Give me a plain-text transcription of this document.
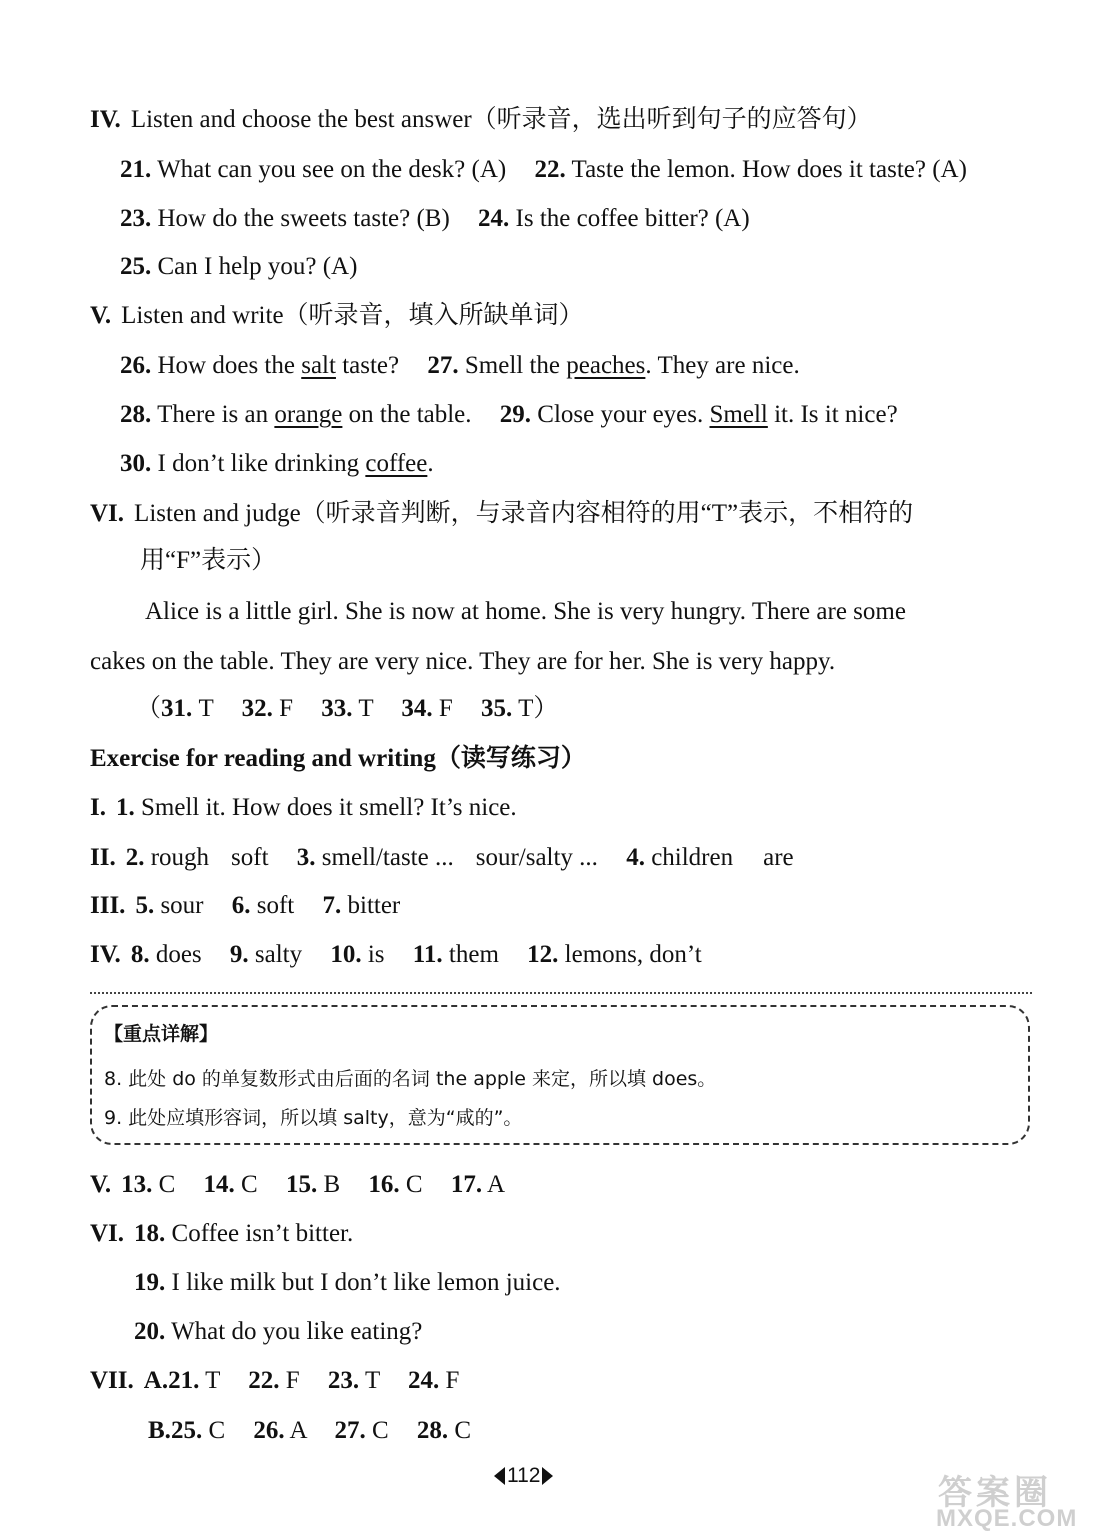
IV. Listen and choose the best answer（听录音，选出听到句子的应答句）
21. What can you see on the desk? (A) 22. Taste the lemon. How does it taste? (A)
23. How do the sweets taste? (B) 24. Is the coffee bitter? (A)
25. Can I help you? (A)
V. Listen and write（听录音，填入所缺单词）
26. How does the salt taste? 27. Smell the peaches. They are nice.
28. There is an orange on the table. 29. Close your eyes. Smell it. Is it nice?
30. I don’t like drinking coffee.
VI. Listen and judge（听录音判断，与录音内容相符的用“T”表示，不相符的
用“F”表示）
Alice is a little girl. She is now at home. She is very hungry. There are some
cakes on the table. They are very nice. They are for her. She is very happy.
（31. T 32. F 33. T 34. F 35. T）
Exercise for reading and writing（读写练习）
I. 1. Smell it. How does it smell? It’s nice.
II. 2. rough soft 3. smell/taste ... sour/salty ... 4. children are
III. 5. sour 6. soft 7. bitter
IV. 8. does 9. salty 10. is 11. them 12. lemons, don’t
【重点详解】
8. 此处 do 的单复数形式由后面的名词 the apple 来定，所以填 does。
9. 此处应填形容词，所以填 salty，意为“咸的”。
V. 13. C 14. C 15. B 16. C 17. A
VI. 18. Coffee isn’t bitter.
19. I like milk but I don’t like lemon juice.
20. What do you like eating?
VII. A.21. T 22. F 23. T 24. F
B.25. C 26. A 27. C 28. C
112	答案圈
MXQE.COM
